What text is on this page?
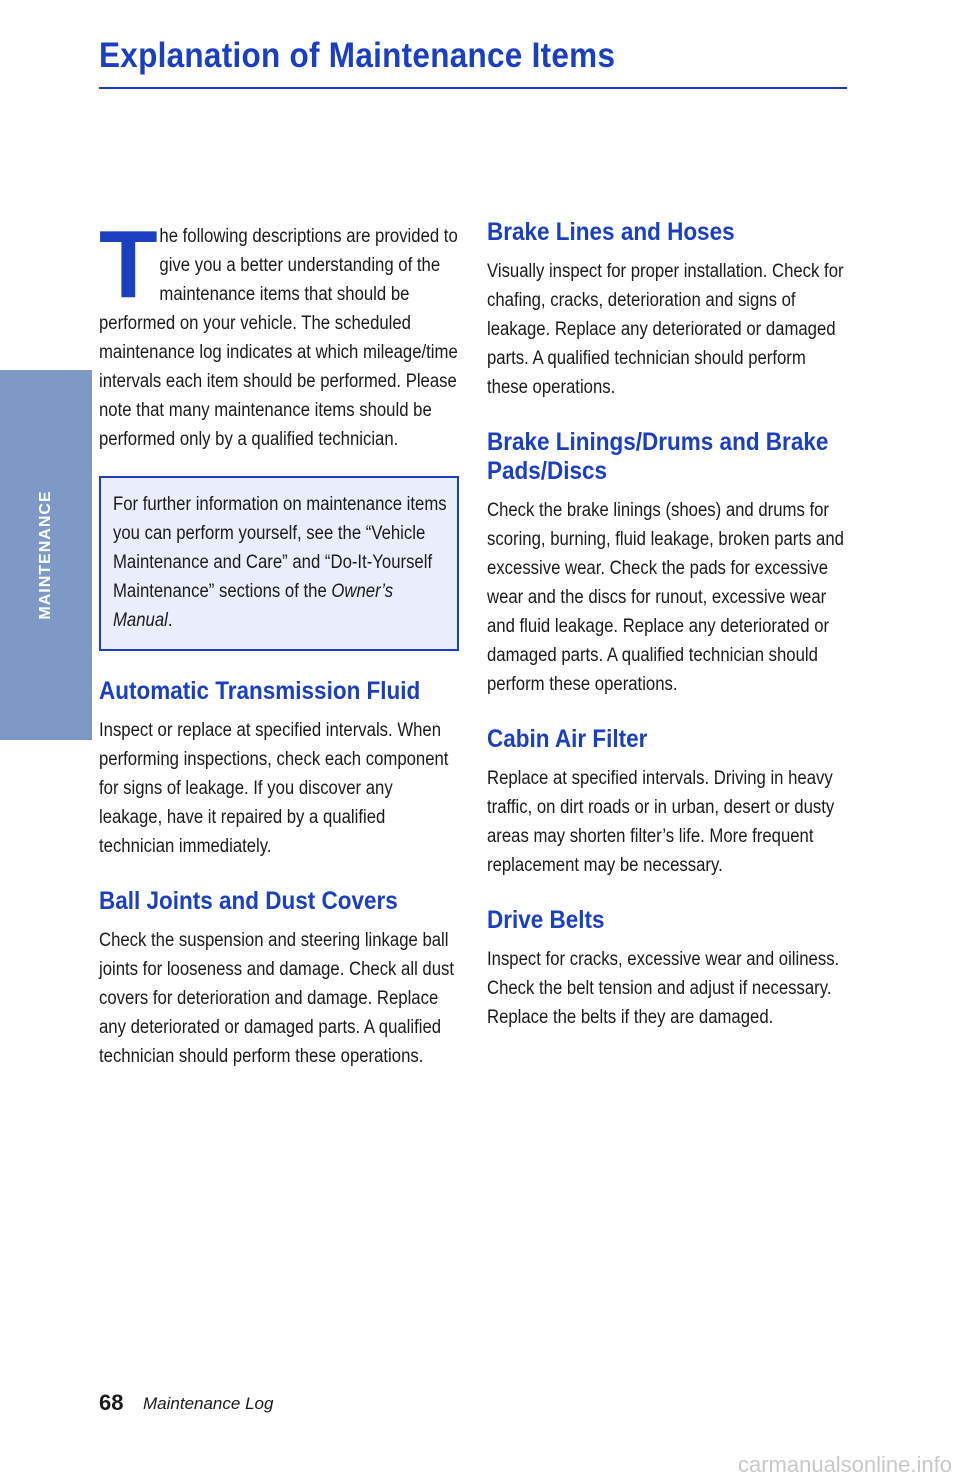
Explanation of Maintenance Items
MAINTENANCE
T he following descriptions are provided to give you a better understanding of the maintenance items that should be performed on your vehicle. The scheduled maintenance log indicates at which mileage/time intervals each item should be performed. Please note that many maintenance items should be performed only by a qualified technician.

For further information on maintenance items you can perform yourself, see the “Vehicle Maintenance and Care” and “Do-It-Yourself Maintenance” sections of the Owner’s Manual.

Automatic Transmission Fluid

Inspect or replace at specified intervals. When performing inspections, check each component for signs of leakage. If you discover any leakage, have it repaired by a qualified technician immediately.

Ball Joints and Dust Covers

Check the suspension and steering linkage ball joints for looseness and damage. Check all dust covers for deterioration and damage. Replace any deteriorated or damaged parts. A qualified technician should perform these operations.

Brake Lines and Hoses

Visually inspect for proper installation. Check for chafing, cracks, deterioration and signs of leakage. Replace any deteriorated or damaged parts. A qualified technician should perform these operations.

Brake Linings/Drums and Brake Pads/Discs

Check the brake linings (shoes) and drums for scoring, burning, fluid leakage, broken parts and excessive wear. Check the pads for excessive wear and the discs for runout, excessive wear and fluid leakage. Replace any deteriorated or damaged parts. A qualified technician should perform these operations.

Cabin Air Filter

Replace at specified intervals. Driving in heavy traffic, on dirt roads or in urban, desert or dusty areas may shorten filter’s life. More frequent replacement may be necessary.

Drive Belts

Inspect for cracks, excessive wear and oiliness. Check the belt tension and adjust if necessary. Replace the belts if they are damaged.

68 Maintenance Log
carmanualsonline.info
